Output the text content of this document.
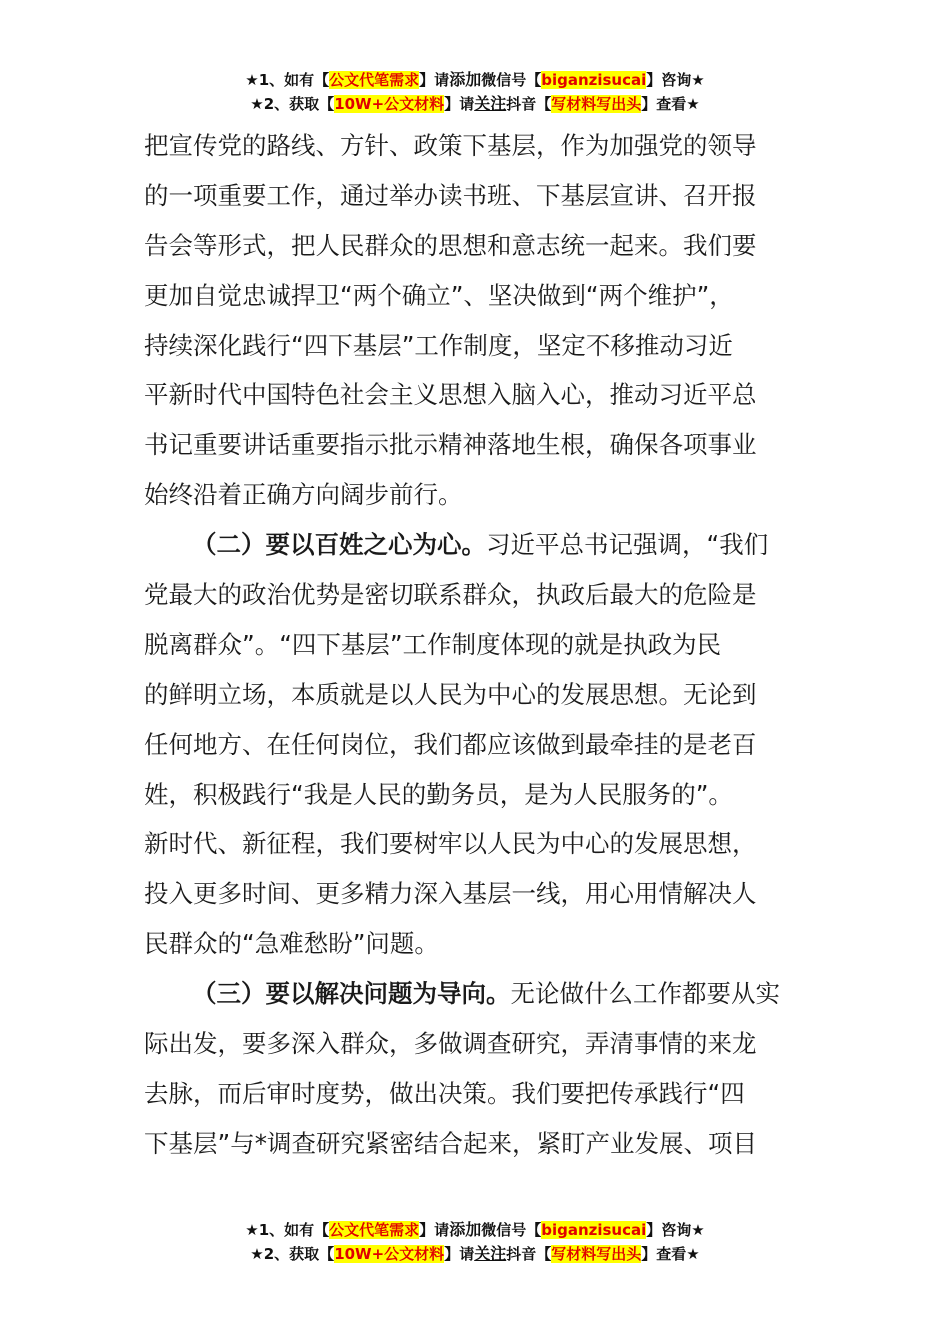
★1、如有【公文代笔需求】请添加微信号【biganzisucai】咨询★
★2、获取【10W+公文材料】请关注抖音【写材料写出头】查看★
把宣传党的路线、方针、政策下基层，作为加强党的领导
的一项重要工作，通过举办读书班、下基层宣讲、召开报
告会等形式，把人民群众的思想和意志统一起来。我们要
更加自觉忠诚捍卫“两个确立”、坚决做到“两个维护”，
持续深化践行“四下基层”工作制度，坚定不移推动习近
平新时代中国特色社会主义思想入脑入心，推动习近平总
书记重要讲话重要指示批示精神落地生根，确保各项事业
始终沿着正确方向阔步前行。
（二）要以百姓之心为心。习近平总书记强调，“我们
党最大的政治优势是密切联系群众，执政后最大的危险是
脱离群众”。“四下基层”工作制度体现的就是执政为民
的鲜明立场，本质就是以人民为中心的发展思想。无论到
任何地方、在任何岗位，我们都应该做到最牵挂的是老百
姓，积极践行“我是人民的勤务员，是为人民服务的”。
新时代、新征程，我们要树牢以人民为中心的发展思想，
投入更多时间、更多精力深入基层一线，用心用情解决人
民群众的“急难愁盼”问题。
（三）要以解决问题为导向。无论做什么工作都要从实
际出发，要多深入群众，多做调查研究，弄清事情的来龙
去脉，而后审时度势，做出决策。我们要把传承践行“四
下基层”与*调查研究紧密结合起来，紧盯产业发展、项目
★1、如有【公文代笔需求】请添加微信号【biganzisucai】咨询★
★2、获取【10W+公文材料】请关注抖音【写材料写出头】查看★
